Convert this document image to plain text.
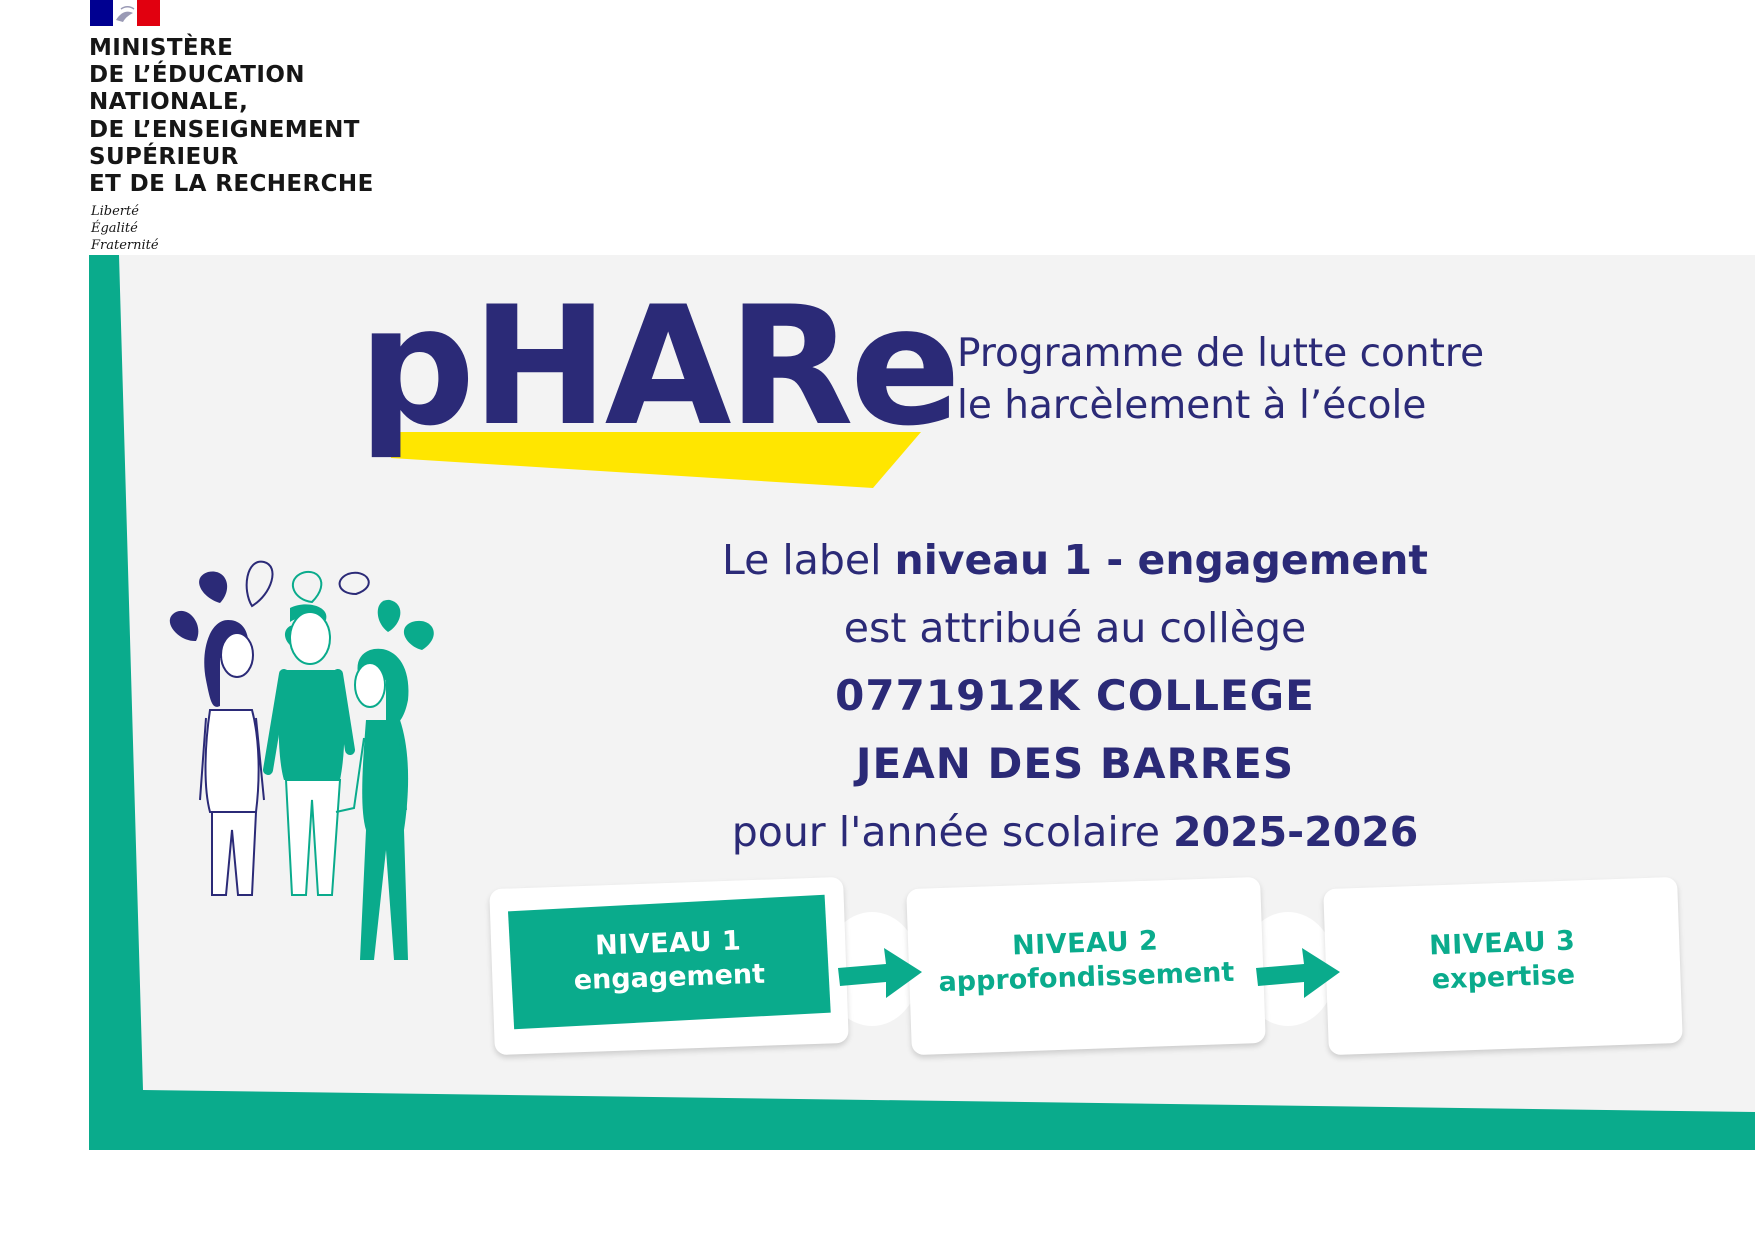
MINISTÈRE
DE L’ÉDUCATION
NATIONALE,
DE L’ENSEIGNEMENT
SUPÉRIEUR
ET DE LA RECHERCHE
Liberté
Égalité
Fraternité
pHARe Programme de lutte contre
le harcèlement à l’école
Le label niveau 1 - engagement
est attribué au collège
0771912K COLLEGE
JEAN DES BARRES
pour l'année scolaire 2025-2026
NIVEAU 1
engagement
NIVEAU 2
approfondissement
NIVEAU 3
expertise
